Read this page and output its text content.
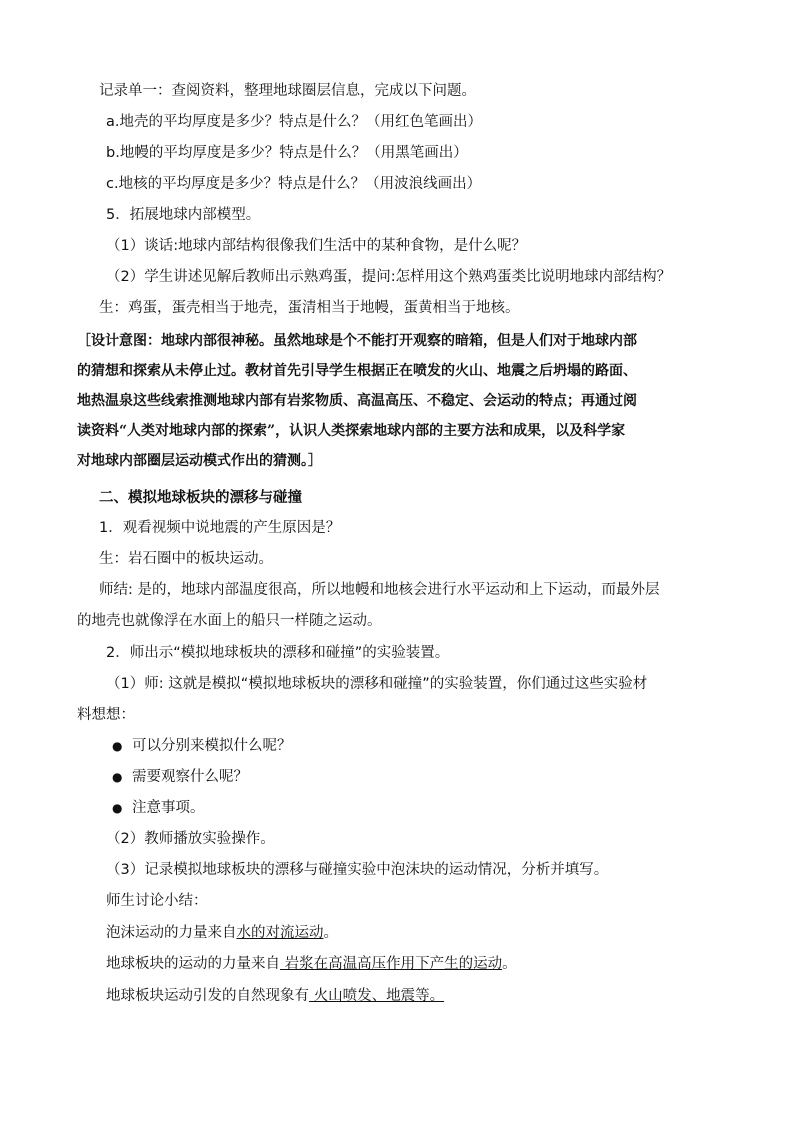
记录单一：查阅资料，整理地球圈层信息，完成以下问题。
a.地壳的平均厚度是多少？特点是什么？（用红色笔画出）
b.地幔的平均厚度是多少？特点是什么？（用黑笔画出）
c.地核的平均厚度是多少？特点是什么？（用波浪线画出）
5．拓展地球内部模型。
（1）谈话:地球内部结构很像我们生活中的某种食物，是什么呢？
（2）学生讲述见解后教师出示熟鸡蛋，提问:怎样用这个熟鸡蛋类比说明地球内部结构？
生：鸡蛋，蛋壳相当于地壳，蛋清相当于地幔，蛋黄相当于地核。
［设计意图：地球内部很神秘。虽然地球是个不能打开观察的暗箱，但是人们对于地球内部
的猜想和探索从未停止过。教材首先引导学生根据正在喷发的火山、地震之后坍塌的路面、
地热温泉这些线索推测地球内部有岩浆物质、高温高压、不稳定、会运动的特点；再通过阅
读资料“人类对地球内部的探索”，认识人类探索地球内部的主要方法和成果，以及科学家
对地球内部圈层运动模式作出的猜测。］
二、模拟地球板块的漂移与碰撞
1．观看视频中说地震的产生原因是？
生：岩石圈中的板块运动。
师结: 是的，地球内部温度很高，所以地幔和地核会进行水平运动和上下运动，而最外层
的地壳也就像浮在水面上的船只一样随之运动。
2．师出示“模拟地球板块的漂移和碰撞”的实验装置。
（1）师: 这就是模拟“模拟地球板块的漂移和碰撞”的实验装置，你们通过这些实验材
料想想：
● 可以分别来模拟什么呢？
● 需要观察什么呢？
● 注意事项。
（2）教师播放实验操作。
（3）记录模拟地球板块的漂移与碰撞实验中泡沫块的运动情况，分析并填写。
师生讨论小结：
泡沫运动的力量来自水的对流运动。
地球板块的运动的力量来自 岩浆在高温高压作用下产生的运动。
地球板块运动引发的自然现象有 火山喷发、地震等。
